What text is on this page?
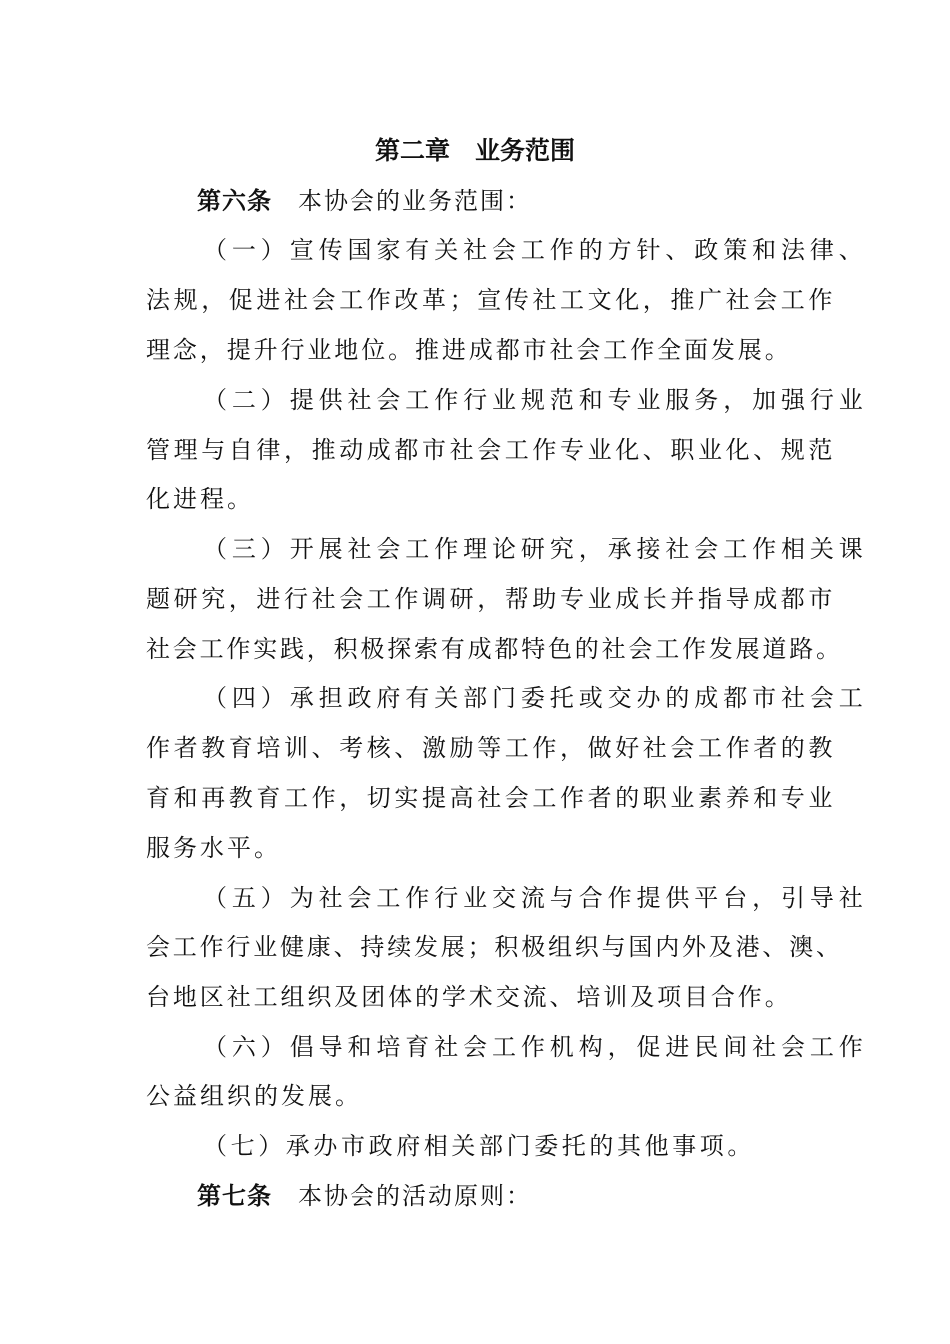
第二章　业务范围

第六条 本协会的业务范围：

（一）宣传国家有关社会工作的方针、政策和法律、

法规，促进社会工作改革；宣传社工文化，推广社会工作

理念，提升行业地位。推进成都市社会工作全面发展。

（二）提供社会工作行业规范和专业服务，加强行业

管理与自律，推动成都市社会工作专业化、职业化、规范

化进程。

（三）开展社会工作理论研究，承接社会工作相关课

题研究，进行社会工作调研，帮助专业成长并指导成都市

社会工作实践，积极探索有成都特色的社会工作发展道路。

（四）承担政府有关部门委托或交办的成都市社会工

作者教育培训、考核、激励等工作，做好社会工作者的教

育和再教育工作，切实提高社会工作者的职业素养和专业

服务水平。

（五）为社会工作行业交流与合作提供平台，引导社

会工作行业健康、持续发展；积极组织与国内外及港、澳、

台地区社工组织及团体的学术交流、培训及项目合作。

（六）倡导和培育社会工作机构，促进民间社会工作

公益组织的发展。

（七）承办市政府相关部门委托的其他事项。

第七条 本协会的活动原则：
